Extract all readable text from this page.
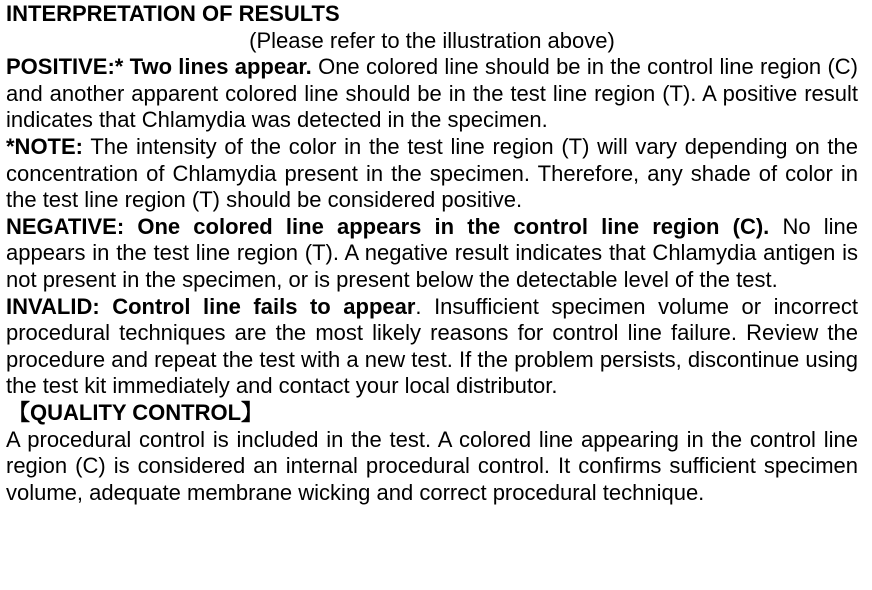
INTERPRETATION OF RESULTS
(Please refer to the illustration above)

POSITIVE:* Two lines appear. One colored line should be in the control line region (C) and another apparent colored line should be in the test line region (T). A positive result indicates that Chlamydia was detected in the specimen.

*NOTE: The intensity of the color in the test line region (T) will vary depending on the concentration of Chlamydia present in the specimen. Therefore, any shade of color in the test line region (T) should be considered positive.

NEGATIVE: One colored line appears in the control line region (C). No line appears in the test line region (T). A negative result indicates that Chlamydia antigen is not present in the specimen, or is present below the detectable level of the test.

INVALID: Control line fails to appear. Insufficient specimen volume or incorrect procedural techniques are the most likely reasons for control line failure. Review the procedure and repeat the test with a new test. If the problem persists, discontinue using the test kit immediately and contact your local distributor.

【QUALITY CONTROL】

A procedural control is included in the test. A colored line appearing in the control line region (C) is considered an internal procedural control. It confirms sufficient specimen volume, adequate membrane wicking and correct procedural technique.
